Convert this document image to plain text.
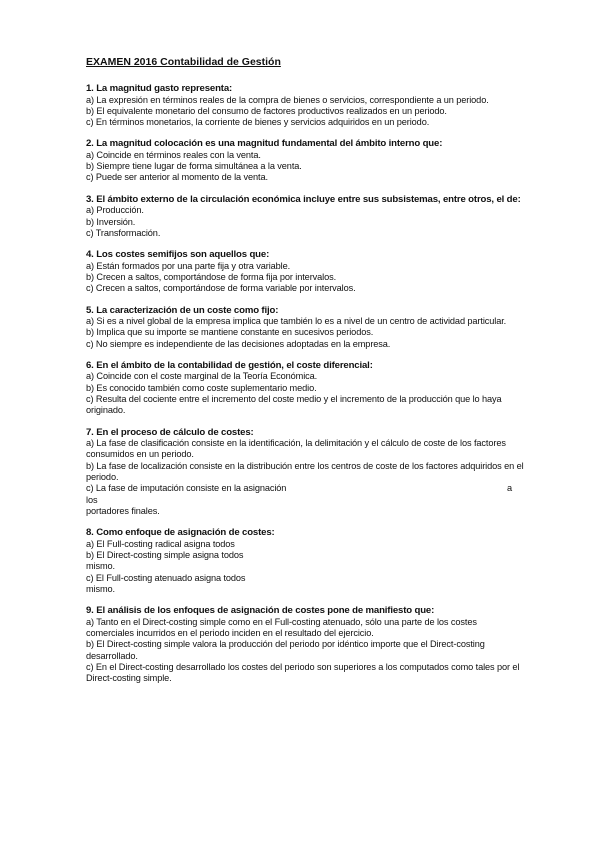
EXAMEN 2016 Contabilidad de Gestión
1. La magnitud gasto representa:
a) La expresión en términos reales de la compra de bienes o servicios, correspondiente a un periodo.
b) El equivalente monetario del consumo de factores productivos realizados en un periodo.
c) En términos monetarios, la corriente de bienes y servicios adquiridos en un periodo.
2. La magnitud colocación es una magnitud fundamental del ámbito interno que:
a) Coincide en términos reales con la venta.
b) Siempre tiene lugar de forma simultánea a la venta.
c) Puede ser anterior al momento de la venta.
3. El ámbito externo de la circulación económica incluye entre sus subsistemas, entre otros, el de:
a) Producción.
b) Inversión.
c) Transformación.
4. Los costes semifijos son aquellos que:
a) Están formados por una parte fija y otra variable.
b) Crecen a saltos, comportándose de forma fija por intervalos.
c) Crecen a saltos, comportándose de forma variable por intervalos.
5. La caracterización de un coste como fijo:
a) Si es a nivel global de la empresa implica que también lo es a nivel de un centro de actividad particular.
b) Implica que su importe se mantiene constante en sucesivos periodos.
c) No siempre es independiente de las decisiones adoptadas en la empresa.
6. En el ámbito de la contabilidad de gestión, el coste diferencial:
a) Coincide con el coste marginal de la Teoría Económica.
b) Es conocido también como coste suplementario medio.
c) Resulta del cociente entre el incremento del coste medio y el incremento de la producción que lo haya originado.
7. En el proceso de cálculo de costes:
a) La fase de clasificación consiste en la identificación, la delimitación y el cálculo de coste de los factores consumidos en un periodo.
b) La fase de localización consiste en la distribución entre los centros de coste de los factores adquiridos en el periodo.
c) La fase de imputación consiste en la asignación	a
los
portadores finales.
8. Como enfoque de asignación de costes:
a) El Full-costing radical asigna todos
b) El Direct-costing simple asigna todos
mismo.
c) El Full-costing atenuado asigna todos
mismo.
9. El análisis de los enfoques de asignación de costes pone de manifiesto que:
a) Tanto en el Direct-costing simple como en el Full-costing atenuado, sólo una parte de los costes comerciales incurridos en el periodo inciden en el resultado del ejercicio.
b) El Direct-costing simple valora la producción del periodo por idéntico importe que el Direct-costing desarrollado.
c) En el Direct-costing desarrollado los costes del periodo son superiores a los computados como tales por el Direct-costing simple.
